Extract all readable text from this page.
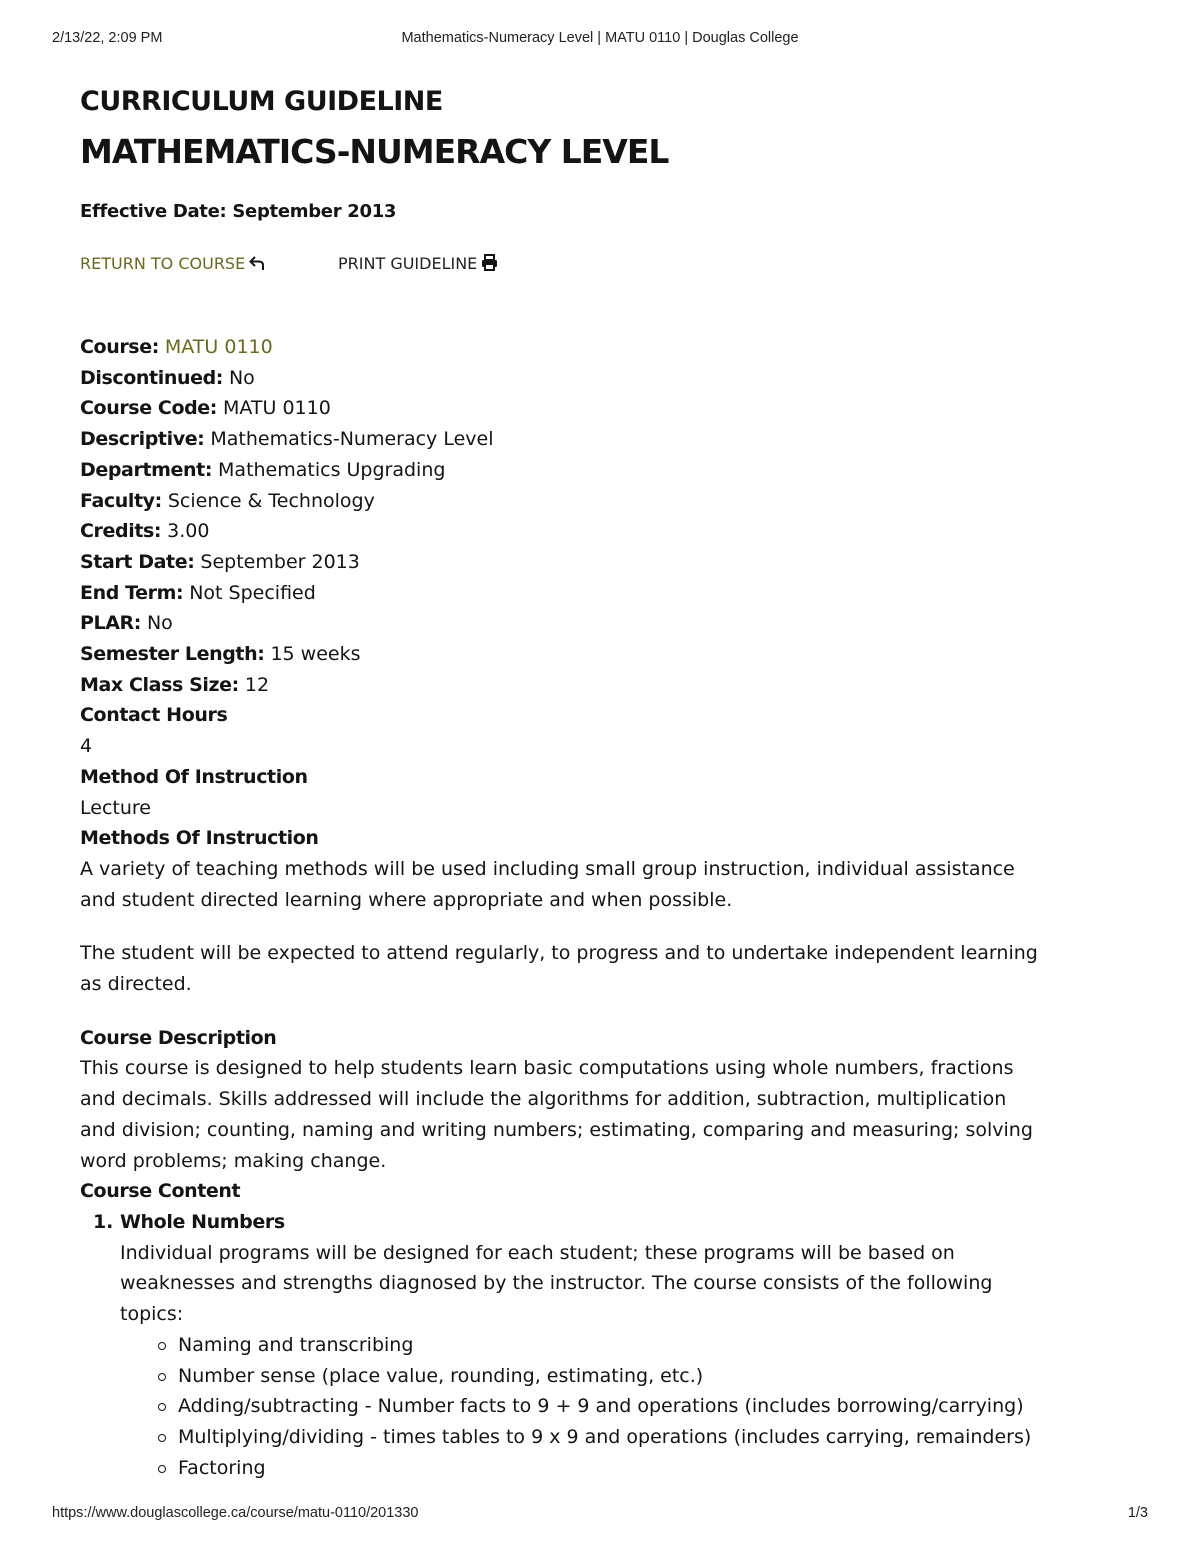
2/13/22, 2:09 PM	Mathematics-Numeracy Level | MATU 0110 | Douglas College
CURRICULUM GUIDELINE
MATHEMATICS-NUMERACY LEVEL
Effective Date: September 2013
RETURN TO COURSE	PRINT GUIDELINE
Course: MATU 0110
Discontinued: No
Course Code: MATU 0110
Descriptive: Mathematics-Numeracy Level
Department: Mathematics Upgrading
Faculty: Science & Technology
Credits: 3.00
Start Date: September 2013
End Term: Not Specified
PLAR: No
Semester Length: 15 weeks
Max Class Size: 12
Contact Hours
4
Method Of Instruction
Lecture
Methods Of Instruction
A variety of teaching methods will be used including small group instruction, individual assistance
and student directed learning where appropriate and when possible.
The student will be expected to attend regularly, to progress and to undertake independent learning
as directed.
Course Description
This course is designed to help students learn basic computations using whole numbers, fractions
and decimals. Skills addressed will include the algorithms for addition, subtraction, multiplication
and division; counting, naming and writing numbers; estimating, comparing and measuring; solving
word problems; making change.
Course Content
1. Whole Numbers
Individual programs will be designed for each student; these programs will be based on
weaknesses and strengths diagnosed by the instructor. The course consists of the following
topics:
Naming and transcribing
Number sense (place value, rounding, estimating, etc.)
Adding/subtracting - Number facts to 9 + 9 and operations (includes borrowing/carrying)
Multiplying/dividing - times tables to 9 x 9 and operations (includes carrying, remainders)
Factoring
https://www.douglascollege.ca/course/matu-0110/201330	1/3
